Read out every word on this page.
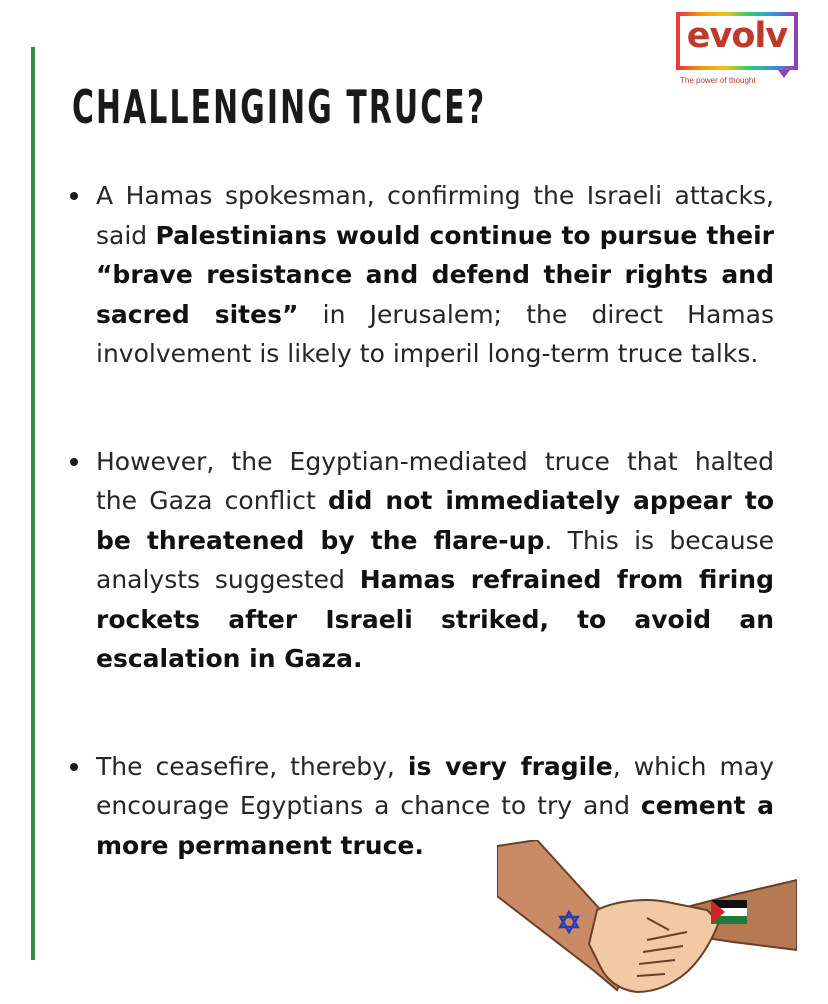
evolv
The power of thought
CHALLENGING TRUCE?
A Hamas spokesman, confirming the Israeli attacks, said Palestinians would continue to pursue their “brave resistance and defend their rights and sacred sites” in Jerusalem; the direct Hamas involvement is likely to imperil long-term truce talks.
However, the Egyptian-mediated truce that halted the Gaza conflict did not immediately appear to be threatened by the flare-up. This is because analysts suggested Hamas refrained from firing rockets after Israeli striked, to avoid an escalation in Gaza.
The ceasefire, thereby, is very fragile, which may encourage Egyptians a chance to try and cement a more permanent truce.
